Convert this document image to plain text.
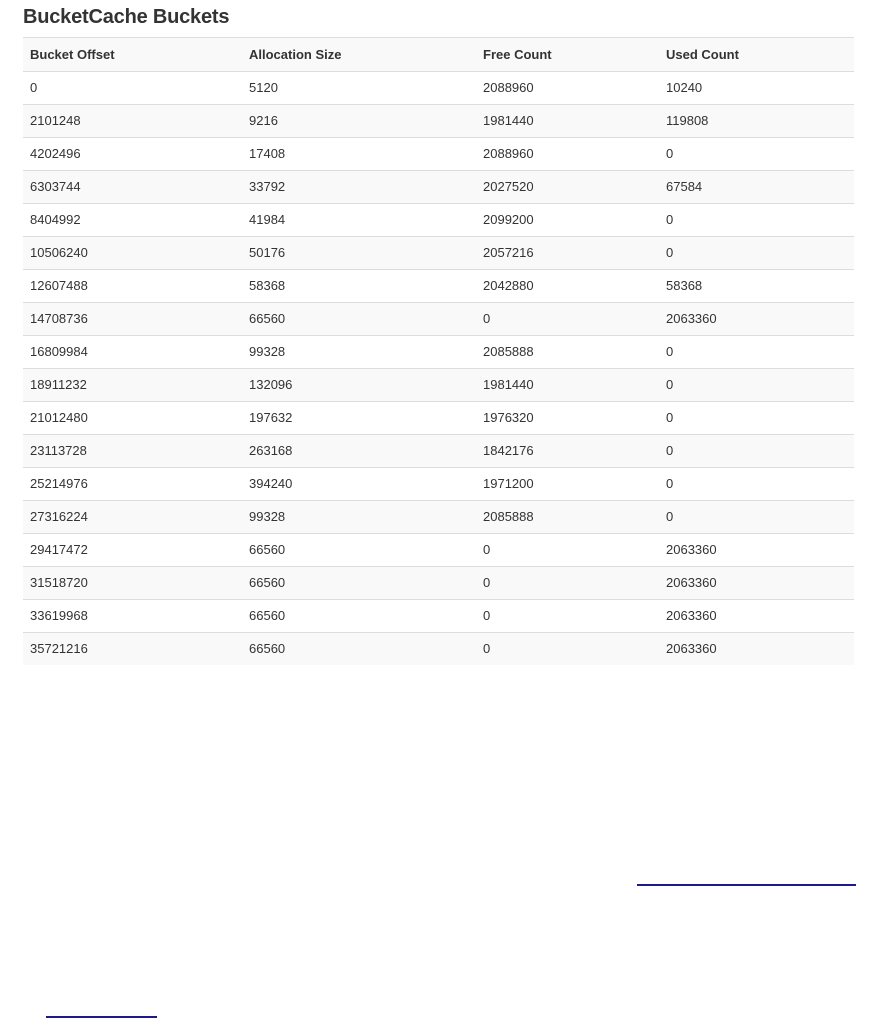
BucketCache Buckets
Bucket Offset	Allocation Size	Free Count	Used Count
0	5120	2088960	10240
2101248	9216	1981440	119808
4202496	17408	2088960	0
6303744	33792	2027520	67584
8404992	41984	2099200	0
10506240	50176	2057216	0
12607488	58368	2042880	58368
14708736	66560	0	2063360
16809984	99328	2085888	0
18911232	132096	1981440	0
21012480	197632	1976320	0
23113728	263168	1842176	0
25214976	394240	1971200	0
27316224	99328	2085888	0
29417472	66560	0	2063360
31518720	66560	0	2063360
33619968	66560	0	2063360
35721216	66560	0	2063360
